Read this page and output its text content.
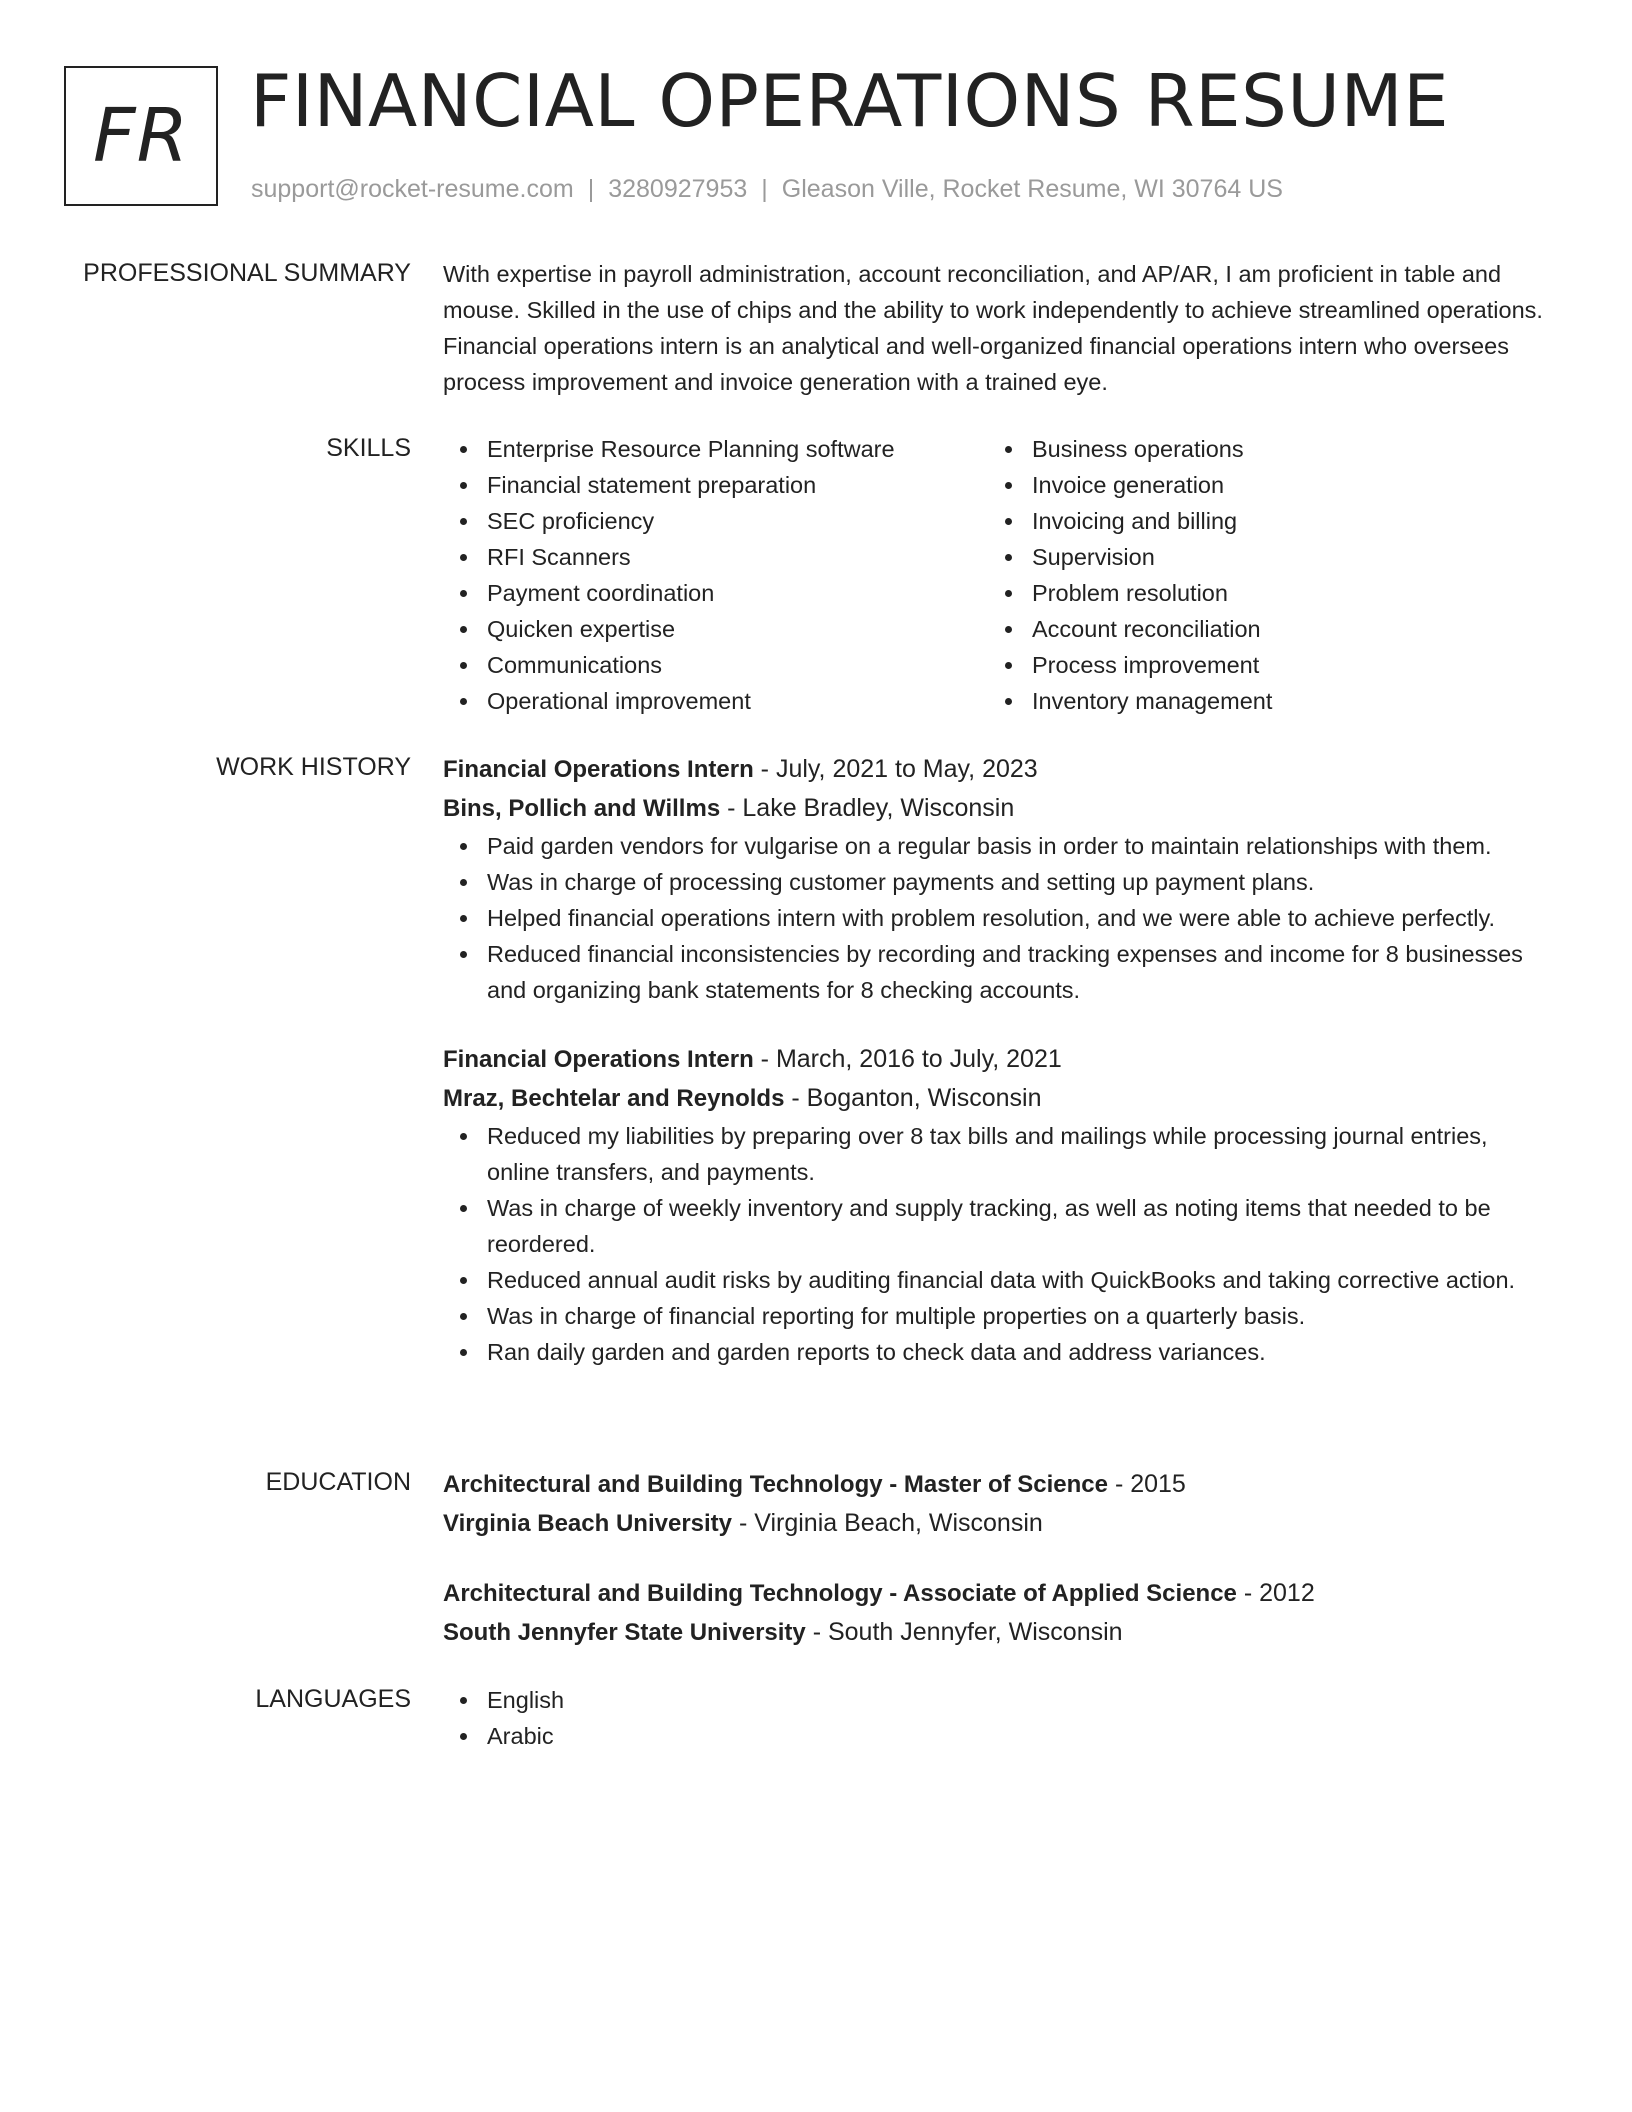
FR FINANCIAL OPERATIONS RESUME
support@rocket-resume.com | 3280927953 | Gleason Ville, Rocket Resume, WI 30764 US
PROFESSIONAL SUMMARY With expertise in payroll administration, account reconciliation, and AP/AR, I am proficient in table and mouse. Skilled in the use of chips and the ability to work independently to achieve streamlined operations. Financial operations intern is an analytical and well-organized financial operations intern who oversees process improvement and invoice generation with a trained eye.

SKILLS	Enterprise Resource Planning software
Financial statement preparation
SEC proficiency
RFI Scanners
Payment coordination
Quicken expertise
Communications
Operational improvement
Business operations
Invoice generation
Invoicing and billing
Supervision
Problem resolution
Account reconciliation
Process improvement
Inventory management
WORK HISTORY Financial Operations Intern - July, 2021 to May, 2023
Bins, Pollich and Willms - Lake Bradley, Wisconsin
Paid garden vendors for vulgarise on a regular basis in order to maintain relationships with them.
Was in charge of processing customer payments and setting up payment plans.
Helped financial operations intern with problem resolution, and we were able to achieve perfectly.
Reduced financial inconsistencies by recording and tracking expenses and income for 8 businesses and organizing bank statements for 8 checking accounts.
Financial Operations Intern - March, 2016 to July, 2021
Mraz, Bechtelar and Reynolds - Boganton, Wisconsin
Reduced my liabilities by preparing over 8 tax bills and mailings while processing journal entries, online transfers, and payments.
Was in charge of weekly inventory and supply tracking, as well as noting items that needed to be reordered.
Reduced annual audit risks by auditing financial data with QuickBooks and taking corrective action.
Was in charge of financial reporting for multiple properties on a quarterly basis.
Ran daily garden and garden reports to check data and address variances.
EDUCATION Architectural and Building Technology - Master of Science - 2015
Virginia Beach University - Virginia Beach, Wisconsin
Architectural and Building Technology - Associate of Applied Science - 2012
South Jennyfer State University - South Jennyfer, Wisconsin
LANGUAGES	English
Arabic
